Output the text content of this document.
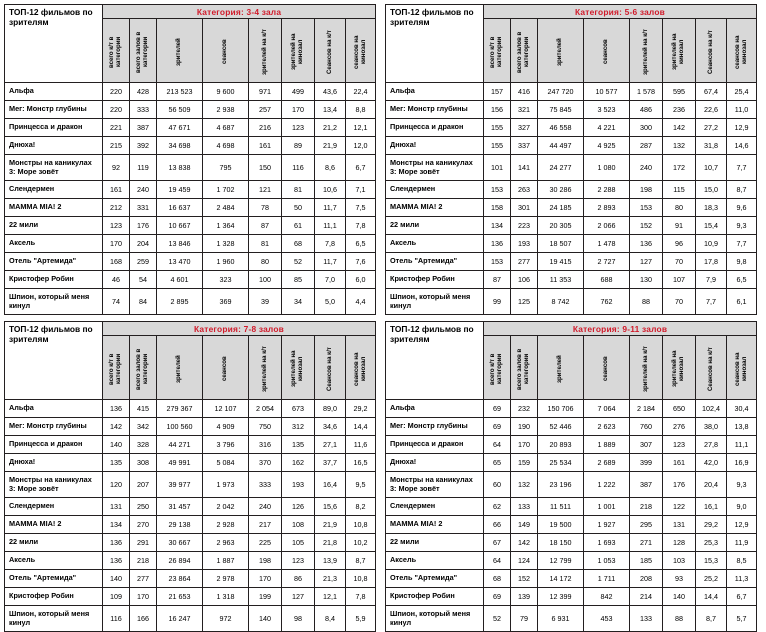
ТОП-12 фильмов по зрителям	Категория: 3-4 зала							

	всего к/т в категории	всего залов в категории	зрителей	сеансов	зрителей на к/т	зрителей на кинозал	Сеансов на к/т	сеансов на кинозал

Альфа	220	428	213 523	9 600	971	499	43,6	22,4
Мег: Монстр глубины	220	333	56 509	2 938	257	170	13,4	8,8
Принцесса и дракон	221	387	47 671	4 687	216	123	21,2	12,1
Днюха!	215	392	34 698	4 698	161	89	21,9	12,0
Монстры на каникулах 3: Море зовёт	92	119	13 838	795	150	116	8,6	6,7
Слендермен	161	240	19 459	1 702	121	81	10,6	7,1
MAMMA MIA! 2	212	331	16 637	2 484	78	50	11,7	7,5
22 мили	123	176	10 667	1 364	87	61	11,1	7,8
Аксель	170	204	13 846	1 328	81	68	7,8	6,5
Отель "Артемида"	168	259	13 470	1 960	80	52	11,7	7,6
Кристофер Робин	46	54	4 601	323	100	85	7,0	6,0
Шпион, который меня кинул	74	84	2 895	369	39	34	5,0	4,4
ТОП-12 фильмов по зрителям	Категория: 5-6 залов							

	всего к/т в категории	всего залов в категории	зрителей	сеансов	зрителей на к/т	зрителей на кинозал	Сеансов на к/т	сеансов на кинозал

Альфа	157	416	247 720	10 577	1 578	595	67,4	25,4
Мег: Монстр глубины	156	321	75 845	3 523	486	236	22,6	11,0
Принцесса и дракон	155	327	46 558	4 221	300	142	27,2	12,9
Днюха!	155	337	44 497	4 925	287	132	31,8	14,6
Монстры на каникулах 3: Море зовёт	101	141	24 277	1 080	240	172	10,7	7,7
Слендермен	153	263	30 286	2 288	198	115	15,0	8,7
MAMMA MIA! 2	158	301	24 185	2 893	153	80	18,3	9,6
22 мили	134	223	20 305	2 066	152	91	15,4	9,3
Аксель	136	193	18 507	1 478	136	96	10,9	7,7
Отель "Артемида"	153	277	19 415	2 727	127	70	17,8	9,8
Кристофер Робин	87	106	11 353	688	130	107	7,9	6,5
Шпион, который меня кинул	99	125	8 742	762	88	70	7,7	6,1
ТОП-12 фильмов по зрителям	Категория: 7-8 залов							

	всего к/т в категории	всего залов в категории	зрителей	сеансов	зрителей на к/т	зрителей на кинозал	Сеансов на к/т	сеансов на кинозал

Альфа	136	415	279 367	12 107	2 054	673	89,0	29,2
Мег: Монстр глубины	142	342	100 560	4 909	750	312	34,6	14,4
Принцесса и дракон	140	328	44 271	3 796	316	135	27,1	11,6
Днюха!	135	308	49 991	5 084	370	162	37,7	16,5
Монстры на каникулах 3: Море зовёт	120	207	39 977	1 973	333	193	16,4	9,5
Слендермен	131	250	31 457	2 042	240	126	15,6	8,2
MAMMA MIA! 2	134	270	29 138	2 928	217	108	21,9	10,8
22 мили	136	291	30 667	2 963	225	105	21,8	10,2
Аксель	136	218	26 894	1 887	198	123	13,9	8,7
Отель "Артемида"	140	277	23 864	2 978	170	86	21,3	10,8
Кристофер Робин	109	170	21 653	1 318	199	127	12,1	7,8
Шпион, который меня кинул	116	166	16 247	972	140	98	8,4	5,9
ТОП-12 фильмов по зрителям	Категория: 9-11 залов							

	всего к/т в категории	всего залов в категории	зрителей	сеансов	зрителей на к/т	зрителей на кинозал	Сеансов на к/т	сеансов на кинозал

Альфа	69	232	150 706	7 064	2 184	650	102,4	30,4
Мег: Монстр глубины	69	190	52 446	2 623	760	276	38,0	13,8
Принцесса и дракон	64	170	20 893	1 889	307	123	27,8	11,1
Днюха!	65	159	25 534	2 689	399	161	42,0	16,9
Монстры на каникулах 3: Море зовёт	60	132	23 196	1 222	387	176	20,4	9,3
Слендермен	62	133	11 511	1 001	218	122	16,1	9,0
MAMMA MIA! 2	66	149	19 500	1 927	295	131	29,2	12,9
22 мили	67	142	18 150	1 693	271	128	25,3	11,9
Аксель	64	124	12 799	1 053	185	103	15,3	8,5
Отель "Артемида"	68	152	14 172	1 711	208	93	25,2	11,3
Кристофер Робин	69	139	12 399	842	214	140	14,4	6,7
Шпион, который меня кинул	52	79	6 931	453	133	88	8,7	5,7
